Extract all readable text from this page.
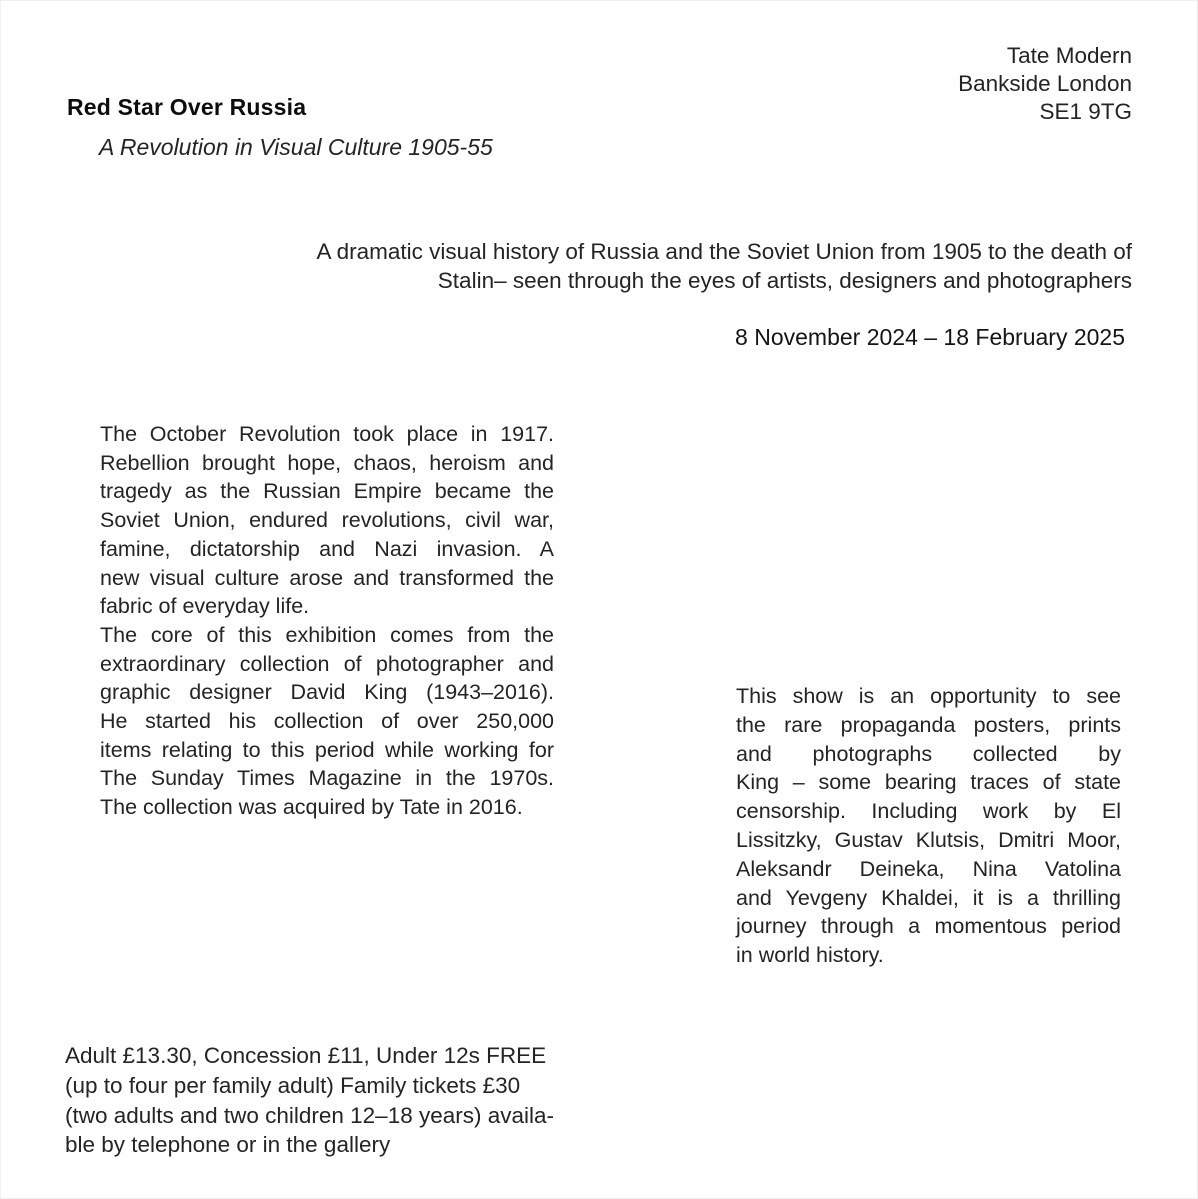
Red Star Over Russia
A Revolution in Visual Culture 1905-55
Tate Modern
Bankside London
SE1 9TG
A dramatic visual history of Russia and the Soviet Union from 1905 to the death of
Stalin– seen through the eyes of artists, designers and photographers
8 November 2024 – 18 February 2025
The October Revolution took place in 1917.
Rebellion brought hope, chaos, heroism and
tragedy as the Russian Empire became the
Soviet Union, endured revolutions, civil war,
famine, dictatorship and Nazi invasion. A
new visual culture arose and transformed the
fabric of everyday life.
The core of this exhibition comes from the
extraordinary collection of photographer and
graphic designer David King (1943–2016).
He started his collection of over 250,000
items relating to this period while working for
The Sunday Times Magazine in the 1970s.
The collection was acquired by Tate in 2016.
This show is an opportunity to see
the rare propaganda posters, prints
and photographs collected by
King – some bearing traces of state
censorship. Including work by El
Lissitzky, Gustav Klutsis, Dmitri Moor,
Aleksandr Deineka, Nina Vatolina
and Yevgeny Khaldei, it is a thrilling
journey through a momentous period
in world history.
Adult £13.30, Concession £11, Under 12s FREE
(up to four per family adult) Family tickets £30
(two adults and two children 12–18 years) availa-
ble by telephone or in the gallery
